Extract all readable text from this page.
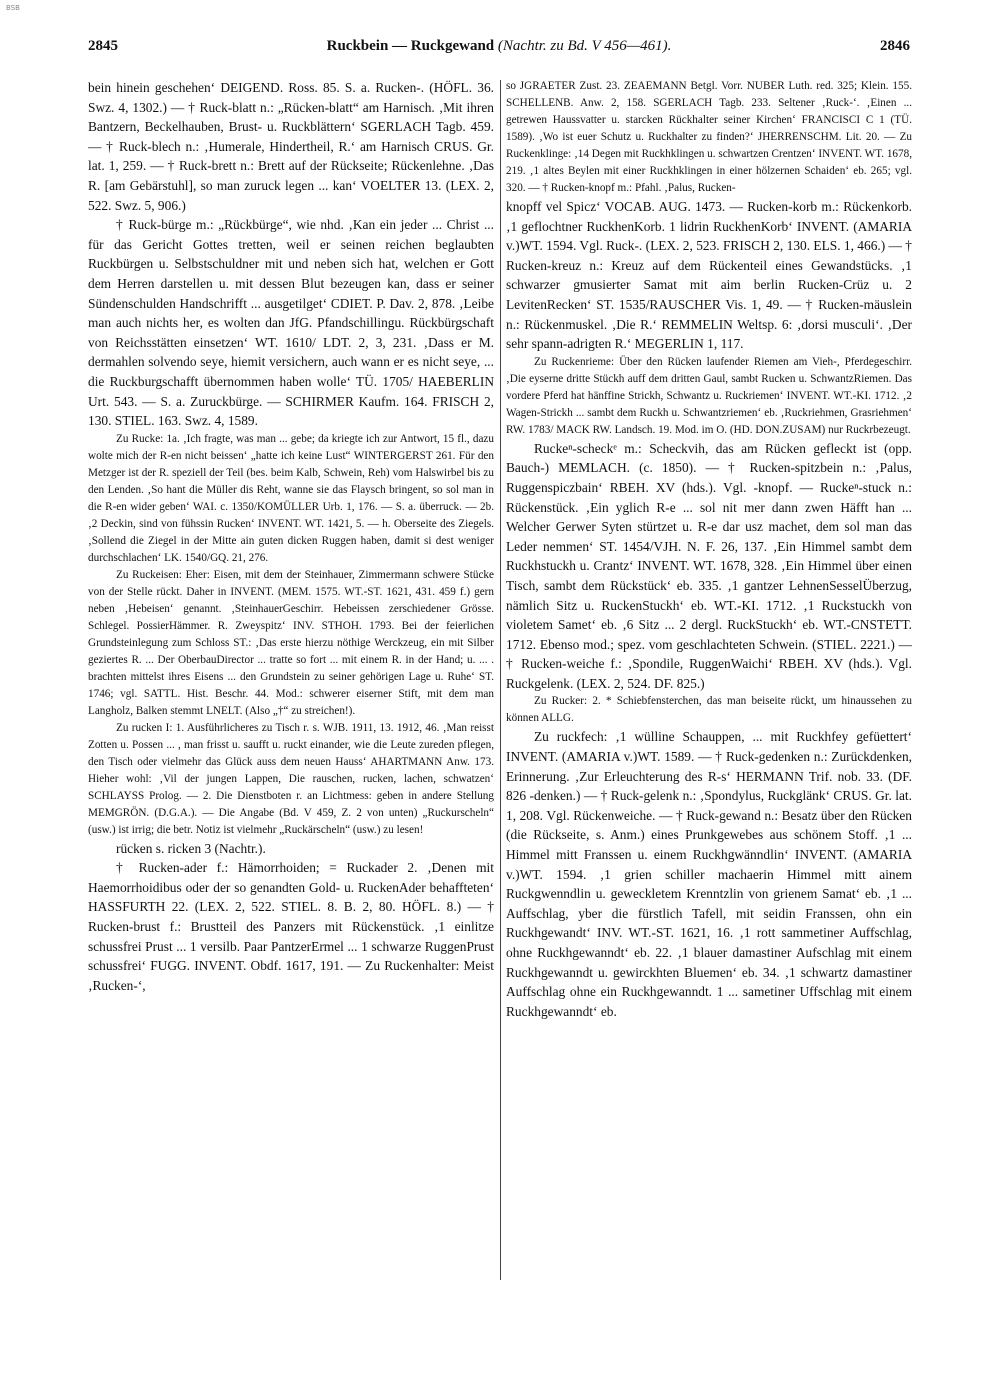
BSB
2845	Ruckbein — Ruckgewand (Nachtr. zu Bd. V 456—461).	2846

bein hinein geschehen‘ DEIGEND. Ross. 85. S. a. Rucken-. (HÖFL. 36. Swz. 4, 1302.) — † Ruck-blatt n.: „Rücken-blatt“ am Harnisch. ‚Mit ihren Bantzern, Beckelhauben, Brust- u. Ruckblättern‘ SGERLACH Tagb. 459. — † Ruck-blech n.: ‚Humerale, Hindertheil, R.‘ am Harnisch CRUS. Gr. lat. 1, 259. — † Ruck-brett n.: Brett auf der Rückseite; Rückenlehne. ‚Das R. [am Gebärstuhl], so man zuruck legen ... kan‘ VOELTER 13. (LEX. 2, 522. Swz. 5, 906.)

† Ruck-bürge m.: „Rückbürge“, wie nhd. ‚Kan ein jeder ... Christ ... für das Gericht Gottes tretten, weil er seinen reichen beglaubten Ruckbürgen u. Selbstschuldner mit und neben sich hat, welchen er Gott dem Herren darstellen u. mit dessen Blut bezeugen kan, dass er seiner Sündenschulden Handschrifft ... ausgetilget‘ CDIET. P. Dav. 2, 878. ‚Leibe man auch nichts her, es wolten dan JfG. Pfandschillingu. Rückbürgschaft von Reichsstätten einsetzen‘ WT. 1610/ LDT. 2, 3, 231. ‚Dass er M. dermahlen solvendo seye, hiemit versichern, auch wann er es nicht seye, ... die Ruckburgschafft übernommen haben wolle‘ TÜ. 1705/ HAEBERLIN Urt. 543. — S. a. Zuruckbürge. — SCHIRMER Kaufm. 164. FRISCH 2, 130. STIEL. 163. Swz. 4, 1589.

Zu Rucke: 1a. ‚Ich fragte, was man ... gebe; da kriegte ich zur Antwort, 15 fl., dazu wolte mich der R-en nicht beissen‘ „hatte ich keine Lust“ WINTERGERST 261. Für den Metzger ist der R. speziell der Teil (bes. beim Kalb, Schwein, Reh) vom Halswirbel bis zu den Lenden. ‚So hant die Müller dis Reht, wanne sie das Flaysch bringent, so sol man in die R-en wider geben‘ WAI. c. 1350/KOMÜLLER Urb. 1, 176. — S. a. überruck. — 2b. ‚2 Deckin, sind von fühssin Rucken‘ INVENT. WT. 1421, 5. — h. Oberseite des Ziegels. ‚Sollend die Ziegel in der Mitte ain guten dicken Ruggen haben, damit si dest weniger durchschlachen‘ LK. 1540/GQ. 21, 276.

Zu Ruckeisen: Eher: Eisen, mit dem der Steinhauer, Zimmermann schwere Stücke von der Stelle rückt. Daher in INVENT. (MEM. 1575. WT.-ST. 1621, 431. 459 f.) gern neben ‚Hebeisen‘ genannt. ‚SteinhauerGeschirr. Hebeissen zerschiedener Grösse. Schlegel. PossierHämmer. R. Zweyspitz‘ INV. STHOH. 1793. Bei der feierlichen Grundsteinlegung zum Schloss ST.: ‚Das erste hierzu nöthige Werckzeug, ein mit Silber geziertes R. ... Der OberbauDirector ... tratte so fort ... mit einem R. in der Hand; u. ... . brachten mittelst ihres Eisens ... den Grundstein zu seiner gehörigen Lage u. Ruhe‘ ST. 1746; vgl. SATTL. Hist. Beschr. 44. Mod.: schwerer eiserner Stift, mit dem man Langholz, Balken stemmt LNELT. (Also „†“ zu streichen!).

Zu rucken I: 1. Ausführlicheres zu Tisch r. s. WJB. 1911, 13. 1912, 46. ‚Man reisst Zotten u. Possen ... , man frisst u. saufft u. ruckt einander, wie die Leute zureden pflegen, den Tisch oder vielmehr das Glück auss dem neuen Hauss‘ AHARTMANN Anw. 173. Hieher wohl: ‚Vil der jungen Lappen, Die rauschen, rucken, lachen, schwatzen‘ SCHLAYSS Prolog. — 2. Die Dienstboten r. an Lichtmess: geben in andere Stellung MEMGRÖN. (D.G.A.). — Die Angabe (Bd. V 459, Z. 2 von unten) „Ruckurscheln“ (usw.) ist irrig; die betr. Notiz ist vielmehr „Ruckärscheln“ (usw.) zu lesen!

rücken s. ricken 3 (Nachtr.).

† Rucken-ader f.: Hämorrhoiden; = Ruckader 2. ‚Denen mit Haemorrhoidibus oder der so genandten Gold- u. RuckenAder behaffteten‘ HASSFURTH 22. (LEX. 2, 522. STIEL. 8. B. 2, 80. HÖFL. 8.) — † Rucken-brust f.: Brustteil des Panzers mit Rückenstück. ‚1 einlitze schussfrei Prust ... 1 versilb. Paar PantzerErmel ... 1 schwarze RuggenPrust schussfrei‘ FUGG. INVENT. Obdf. 1617, 191. — Zu Ruckenhalter: Meist ‚Rucken-‘,

so JGRAETER Zust. 23. ZEAEMANN Betgl. Vorr. NUBER Luth. red. 325; Klein. 155. SCHELLENB. Anw. 2, 158. SGERLACH Tagb. 233. Seltener ‚Ruck-‘. ‚Einen ... getrewen Haussvatter u. starcken Rückhalter seiner Kirchen‘ FRANCISCI C 1 (TÜ. 1589). ‚Wo ist euer Schutz u. Ruckhalter zu finden?‘ JHERRENSCHM. Lit. 20. — Zu Ruckenklinge: ‚14 Degen mit Ruckhklingen u. schwartzen Crentzen‘ INVENT. WT. 1678, 219. ‚1 altes Beylen mit einer Ruckhklingen in einer hölzernen Schaiden‘ eb. 265; vgl. 320. — † Rucken-knopf m.: Pfahl. ‚Palus, Rucken-

knopff vel Spicz‘ VOCAB. AUG. 1473. — Rucken-korb m.: Rückenkorb. ‚1 geflochtner RuckhenKorb. 1 lidrin RuckhenKorb‘ INVENT. (AMARIA v.)WT. 1594. Vgl. Ruck-. (LEX. 2, 523. FRISCH 2, 130. ELS. 1, 466.) — † Rucken-kreuz n.: Kreuz auf dem Rückenteil eines Gewandstücks. ‚1 schwarzer gmusierter Samat mit aim berlin Rucken-Crüz u. 2 LevitenRecken‘ ST. 1535/RAUSCHER Vis. 1, 49. — † Rucken-mäuslein n.: Rückenmuskel. ‚Die R.‘ REMMELIN Weltsp. 6: ‚dorsi musculi‘. ‚Der sehr spann-adrigten R.‘ MEGERLIN 1, 117.

Zu Ruckenrieme: Über den Rücken laufender Riemen am Vieh-, Pferdegeschirr. ‚Die eyserne dritte Stückh auff dem dritten Gaul, sambt Rucken u. SchwantzRiemen. Das vordere Pferd hat hänffine Strickh, Schwantz u. Ruckriemen‘ INVENT. WT.-KI. 1712. ‚2 Wagen-Strickh ... sambt dem Ruckh u. Schwantzriemen‘ eb. ‚Ruckriehmen, Grasriehmen‘ RW. 1783/ MACK RW. Landsch. 19. Mod. im O. (HD. DON.ZUSAM) nur Ruckrbezeugt.

Ruckeⁿ-scheckᵉ m.: Scheckvih, das am Rücken gefleckt ist (opp. Bauch-) MEMLACH. (c. 1850). — † Rucken-spitzbein n.: ‚Palus, Ruggenspiczbain‘ RBEH. XV (hds.). Vgl. -knopf. — Ruckeⁿ-stuck n.: Rückenstück. ‚Ein yglich R-e ... sol nit mer dann zwen Häfft han ... Welcher Gerwer Syten stürtzet u. R-e dar usz machet, dem sol man das Leder nemmen‘ ST. 1454/VJH. N. F. 26, 137. ‚Ein Himmel sambt dem Ruckhstuckh u. Crantz‘ INVENT. WT. 1678, 328. ‚Ein Himmel über einen Tisch, sambt dem Rückstück‘ eb. 335. ‚1 gantzer LehnenSesselÜberzug, nämlich Sitz u. RuckenStuckh‘ eb. WT.-KI. 1712. ‚1 Ruckstuckh von violetem Samet‘ eb. ‚6 Sitz ... 2 dergl. RuckStuckh‘ eb. WT.-CNSTETT. 1712. Ebenso mod.; spez. vom geschlachteten Schwein. (STIEL. 2221.) — † Rucken-weiche f.: ‚Spondile, RuggenWaichi‘ RBEH. XV (hds.). Vgl. Ruckgelenk. (LEX. 2, 524. DF. 825.)

Zu Rucker: 2. * Schiebfensterchen, das man beiseite rückt, um hinaussehen zu können ALLG.

Zu ruckfech: ‚1 wülline Schauppen, ... mit Ruckhfey gefüettert‘ INVENT. (AMARIA v.)WT. 1589. — † Ruck-gedenken n.: Zurückdenken, Erinnerung. ‚Zur Erleuchterung des R-s‘ HERMANN Trif. nob. 33. (DF. 826 -denken.) — † Ruck-gelenk n.: ‚Spondylus, Ruckglänk‘ CRUS. Gr. lat. 1, 208. Vgl. Rückenweiche. — † Ruck-gewand n.: Besatz über den Rücken (die Rückseite, s. Anm.) eines Prunkgewebes aus schönem Stoff. ‚1 ... Himmel mitt Franssen u. einem Ruckhgwänndlin‘ INVENT. (AMARIA v.)WT. 1594. ‚1 grien schiller machaerin Himmel mitt ainem Ruckgwenndlin u. geweckletem Krenntzlin von grienem Samat‘ eb. ‚1 ... Auffschlag, yber die fürstlich Tafell, mit seidin Franssen, ohn ein Ruckhgewandt‘ INV. WT.-ST. 1621, 16. ‚1 rott sammetiner Auffschlag, ohne Ruckhgewanndt‘ eb. 22. ‚1 blauer damastiner Aufschlag mit einem Ruckhgewanndt u. gewirckhten Bluemen‘ eb. 34. ‚1 schwartz damastiner Auffschlag ohne ein Ruckhgewanndt. 1 ... sametiner Uffschlag mit einem Ruckhgewanndt‘ eb.
